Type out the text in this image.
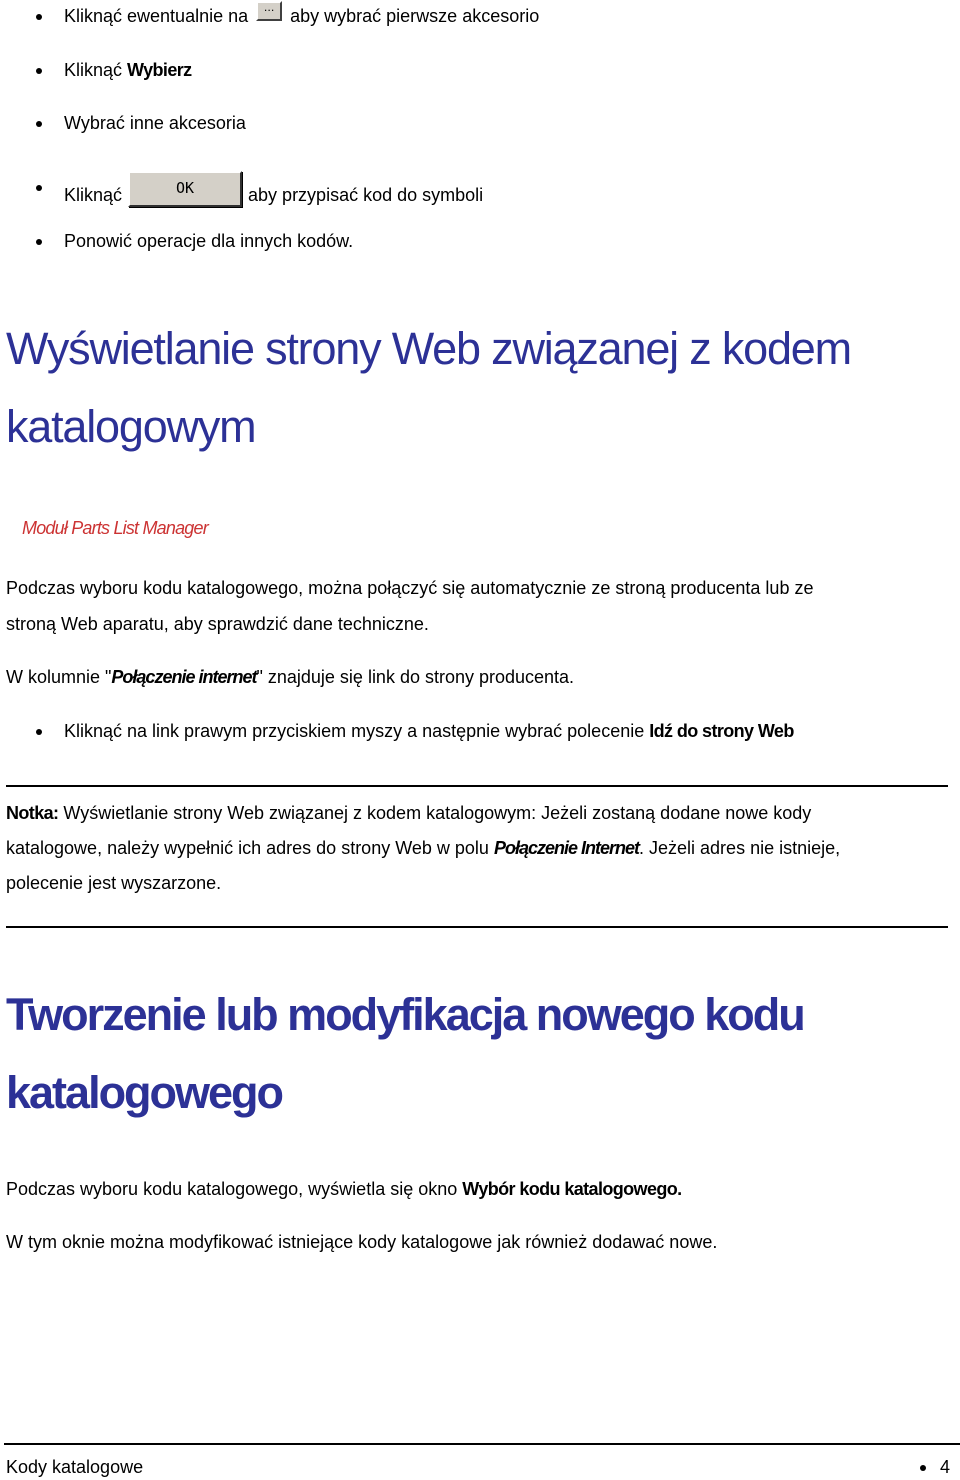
Kliknąć ewentualnie na	... aby wybrać pierwsze akcesorio
Kliknąć
Wybierz
Wybrać inne akcesoria
Kliknąć	OK	aby przypisać kod do symboli
Ponowić operacje dla innych kodów.
Wyświetlanie strony Web związanej z kodem
katalogowym
Moduł Parts List Manager
Podczas wyboru kodu katalogowego, można połączyć się automatycznie ze stroną producenta lub ze
stroną Web aparatu, aby sprawdzić dane techniczne.
W kolumnie "Połączenie internet" znajduje się link do strony producenta.
Kliknąć na link prawym przyciskiem myszy a następnie wybrać polecenie
Idź do strony Web
Notka: Wyświetlanie strony Web związanej z kodem katalogowym: Jeżeli zostaną dodane nowe kody
katalogowe, należy wypełnić ich adres do strony Web w polu Połączenie Internet. Jeżeli adres nie istnieje,
polecenie jest wyszarzone.
Tworzenie lub modyfikacja nowego kodu
katalogowego
Podczas wyboru kodu katalogowego, wyświetla się okno Wybór kodu katalogowego.
W tym oknie można modyfikować istniejące kody katalogowe jak również dodawać nowe.
Kody katalogowe	4
